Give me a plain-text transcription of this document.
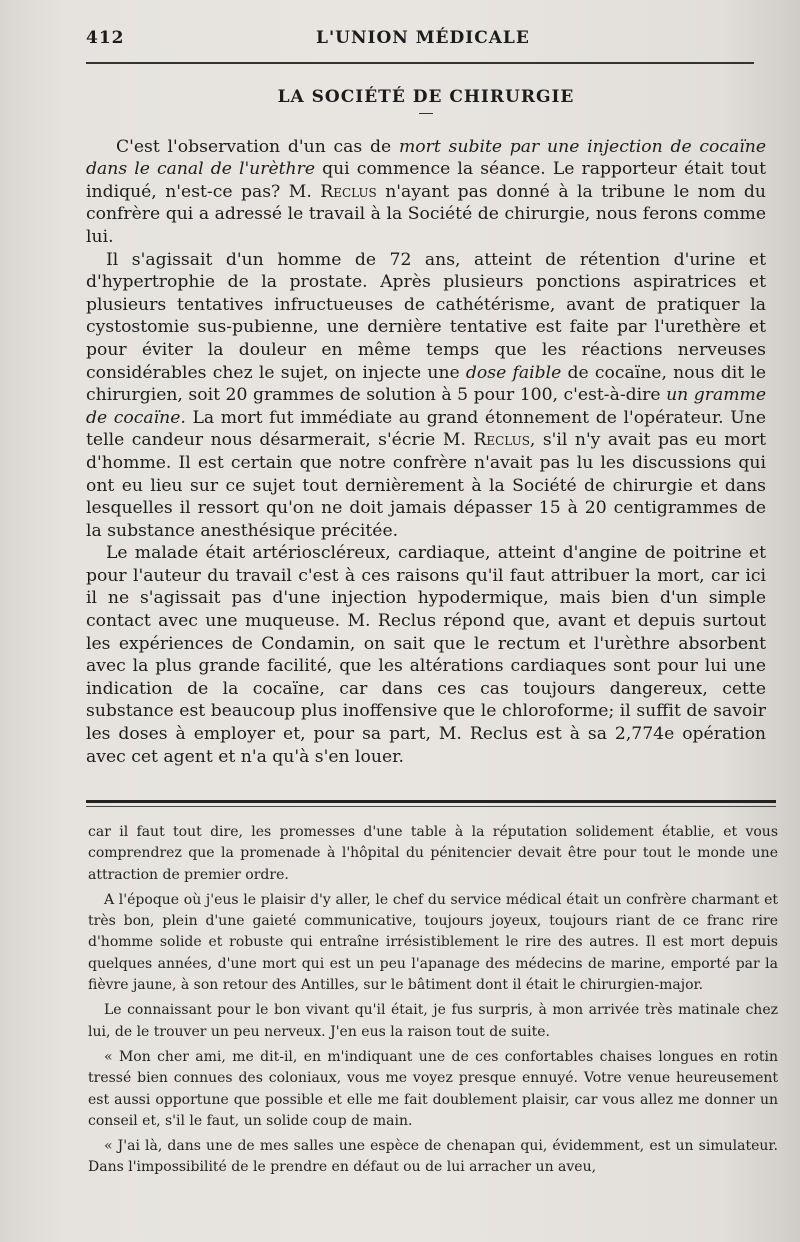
412	L'UNION MÉDICALE
LA SOCIÉTÉ DE CHIRURGIE

C'est l'observation d'un cas de mort subite par une injection de cocaïne dans le canal de l'urèthre qui commence la séance. Le rapporteur était tout indiqué, n'est-ce pas? M. Reclus n'ayant pas donné à la tribune le nom du confrère qui a adressé le travail à la Société de chirurgie, nous ferons comme lui.

Il s'agissait d'un homme de 72 ans, atteint de rétention d'urine et d'hypertrophie de la prostate. Après plusieurs ponctions aspiratrices et plusieurs tentatives infructueuses de cathétérisme, avant de pratiquer la cystostomie sus-pubienne, une dernière tentative est faite par l'urethère et pour éviter la douleur en même temps que les réactions nerveuses considérables chez le sujet, on injecte une dose faible de cocaïne, nous dit le chirurgien, soit 20 grammes de solution à 5 pour 100, c'est-à-dire un gramme de cocaïne. La mort fut immédiate au grand étonnement de l'opérateur. Une telle candeur nous désarmerait, s'écrie M. Reclus, s'il n'y avait pas eu mort d'homme. Il est certain que notre confrère n'avait pas lu les discussions qui ont eu lieu sur ce sujet tout dernièrement à la Société de chirurgie et dans lesquelles il ressort qu'on ne doit jamais dépasser 15 à 20 centigrammes de la substance anesthésique précitée.

Le malade était artérioscléreux, cardiaque, atteint d'angine de poitrine et pour l'auteur du travail c'est à ces raisons qu'il faut attribuer la mort, car ici il ne s'agissait pas d'une injection hypodermique, mais bien d'un simple contact avec une muqueuse. M. Reclus répond que, avant et depuis surtout les expériences de Condamin, on sait que le rectum et l'urèthre absorbent avec la plus grande facilité, que les altérations cardiaques sont pour lui une indication de la cocaïne, car dans ces cas toujours dangereux, cette substance est beaucoup plus inoffensive que le chloroforme; il suffit de savoir les doses à employer et, pour sa part, M. Reclus est à sa 2,774e opération avec cet agent et n'a qu'à s'en louer.

car il faut tout dire, les promesses d'une table à la réputation solidement établie, et vous comprendrez que la promenade à l'hôpital du pénitencier devait être pour tout le monde une attraction de premier ordre.

A l'époque où j'eus le plaisir d'y aller, le chef du service médical était un confrère charmant et très bon, plein d'une gaieté communicative, toujours joyeux, toujours riant de ce franc rire d'homme solide et robuste qui entraîne irrésistiblement le rire des autres. Il est mort depuis quelques années, d'une mort qui est un peu l'apanage des médecins de marine, emporté par la fièvre jaune, à son retour des Antilles, sur le bâtiment dont il était le chirurgien-major.

Le connaissant pour le bon vivant qu'il était, je fus surpris, à mon arrivée très matinale chez lui, de le trouver un peu nerveux. J'en eus la raison tout de suite.

« Mon cher ami, me dit-il, en m'indiquant une de ces confortables chaises longues en rotin tressé bien connues des coloniaux, vous me voyez presque ennuyé. Votre venue heureusement est aussi opportune que possible et elle me fait doublement plaisir, car vous allez me donner un conseil et, s'il le faut, un solide coup de main.

« J'ai là, dans une de mes salles une espèce de chenapan qui, évidemment, est un simulateur. Dans l'impossibilité de le prendre en défaut ou de lui arracher un aveu,
